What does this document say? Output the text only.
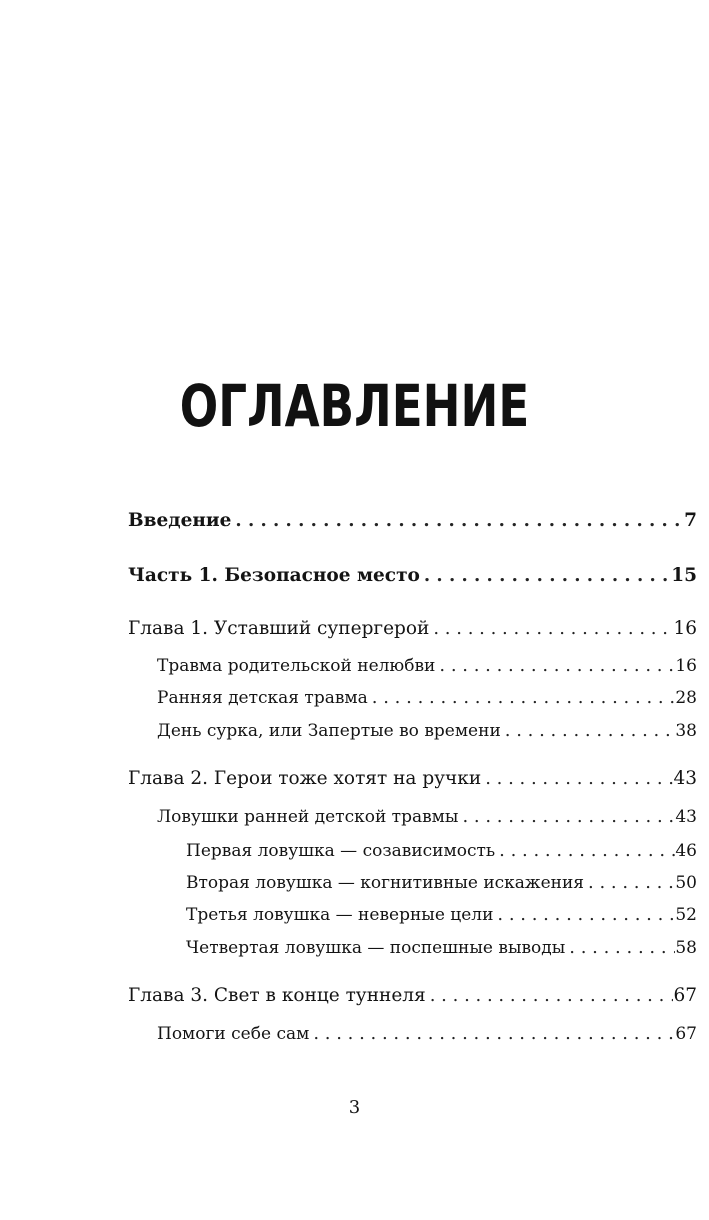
ОГЛАВЛЕНИЕ
Введение . . .	7
Часть 1. Безопасное место . . .	15
Глава 1. Уставший супергерой . . .	16
Травма родительской нелюбви . . .	16
Ранняя детская травма . . .	28
День сурка, или Запертые во времени . . .	38
Глава 2. Герои тоже хотят на ручки . . .	43
Ловушки ранней детской травмы . . .	43
Первая ловушка — созависимость . . .	46
Вторая ловушка — когнитивные искажения . . .	50
Третья ловушка — неверные цели . . .	52
Четвертая ловушка — поспешные выводы . . .	58
Глава 3. Свет в конце туннеля . . .	67
Помоги себе сам . . .	67
3
